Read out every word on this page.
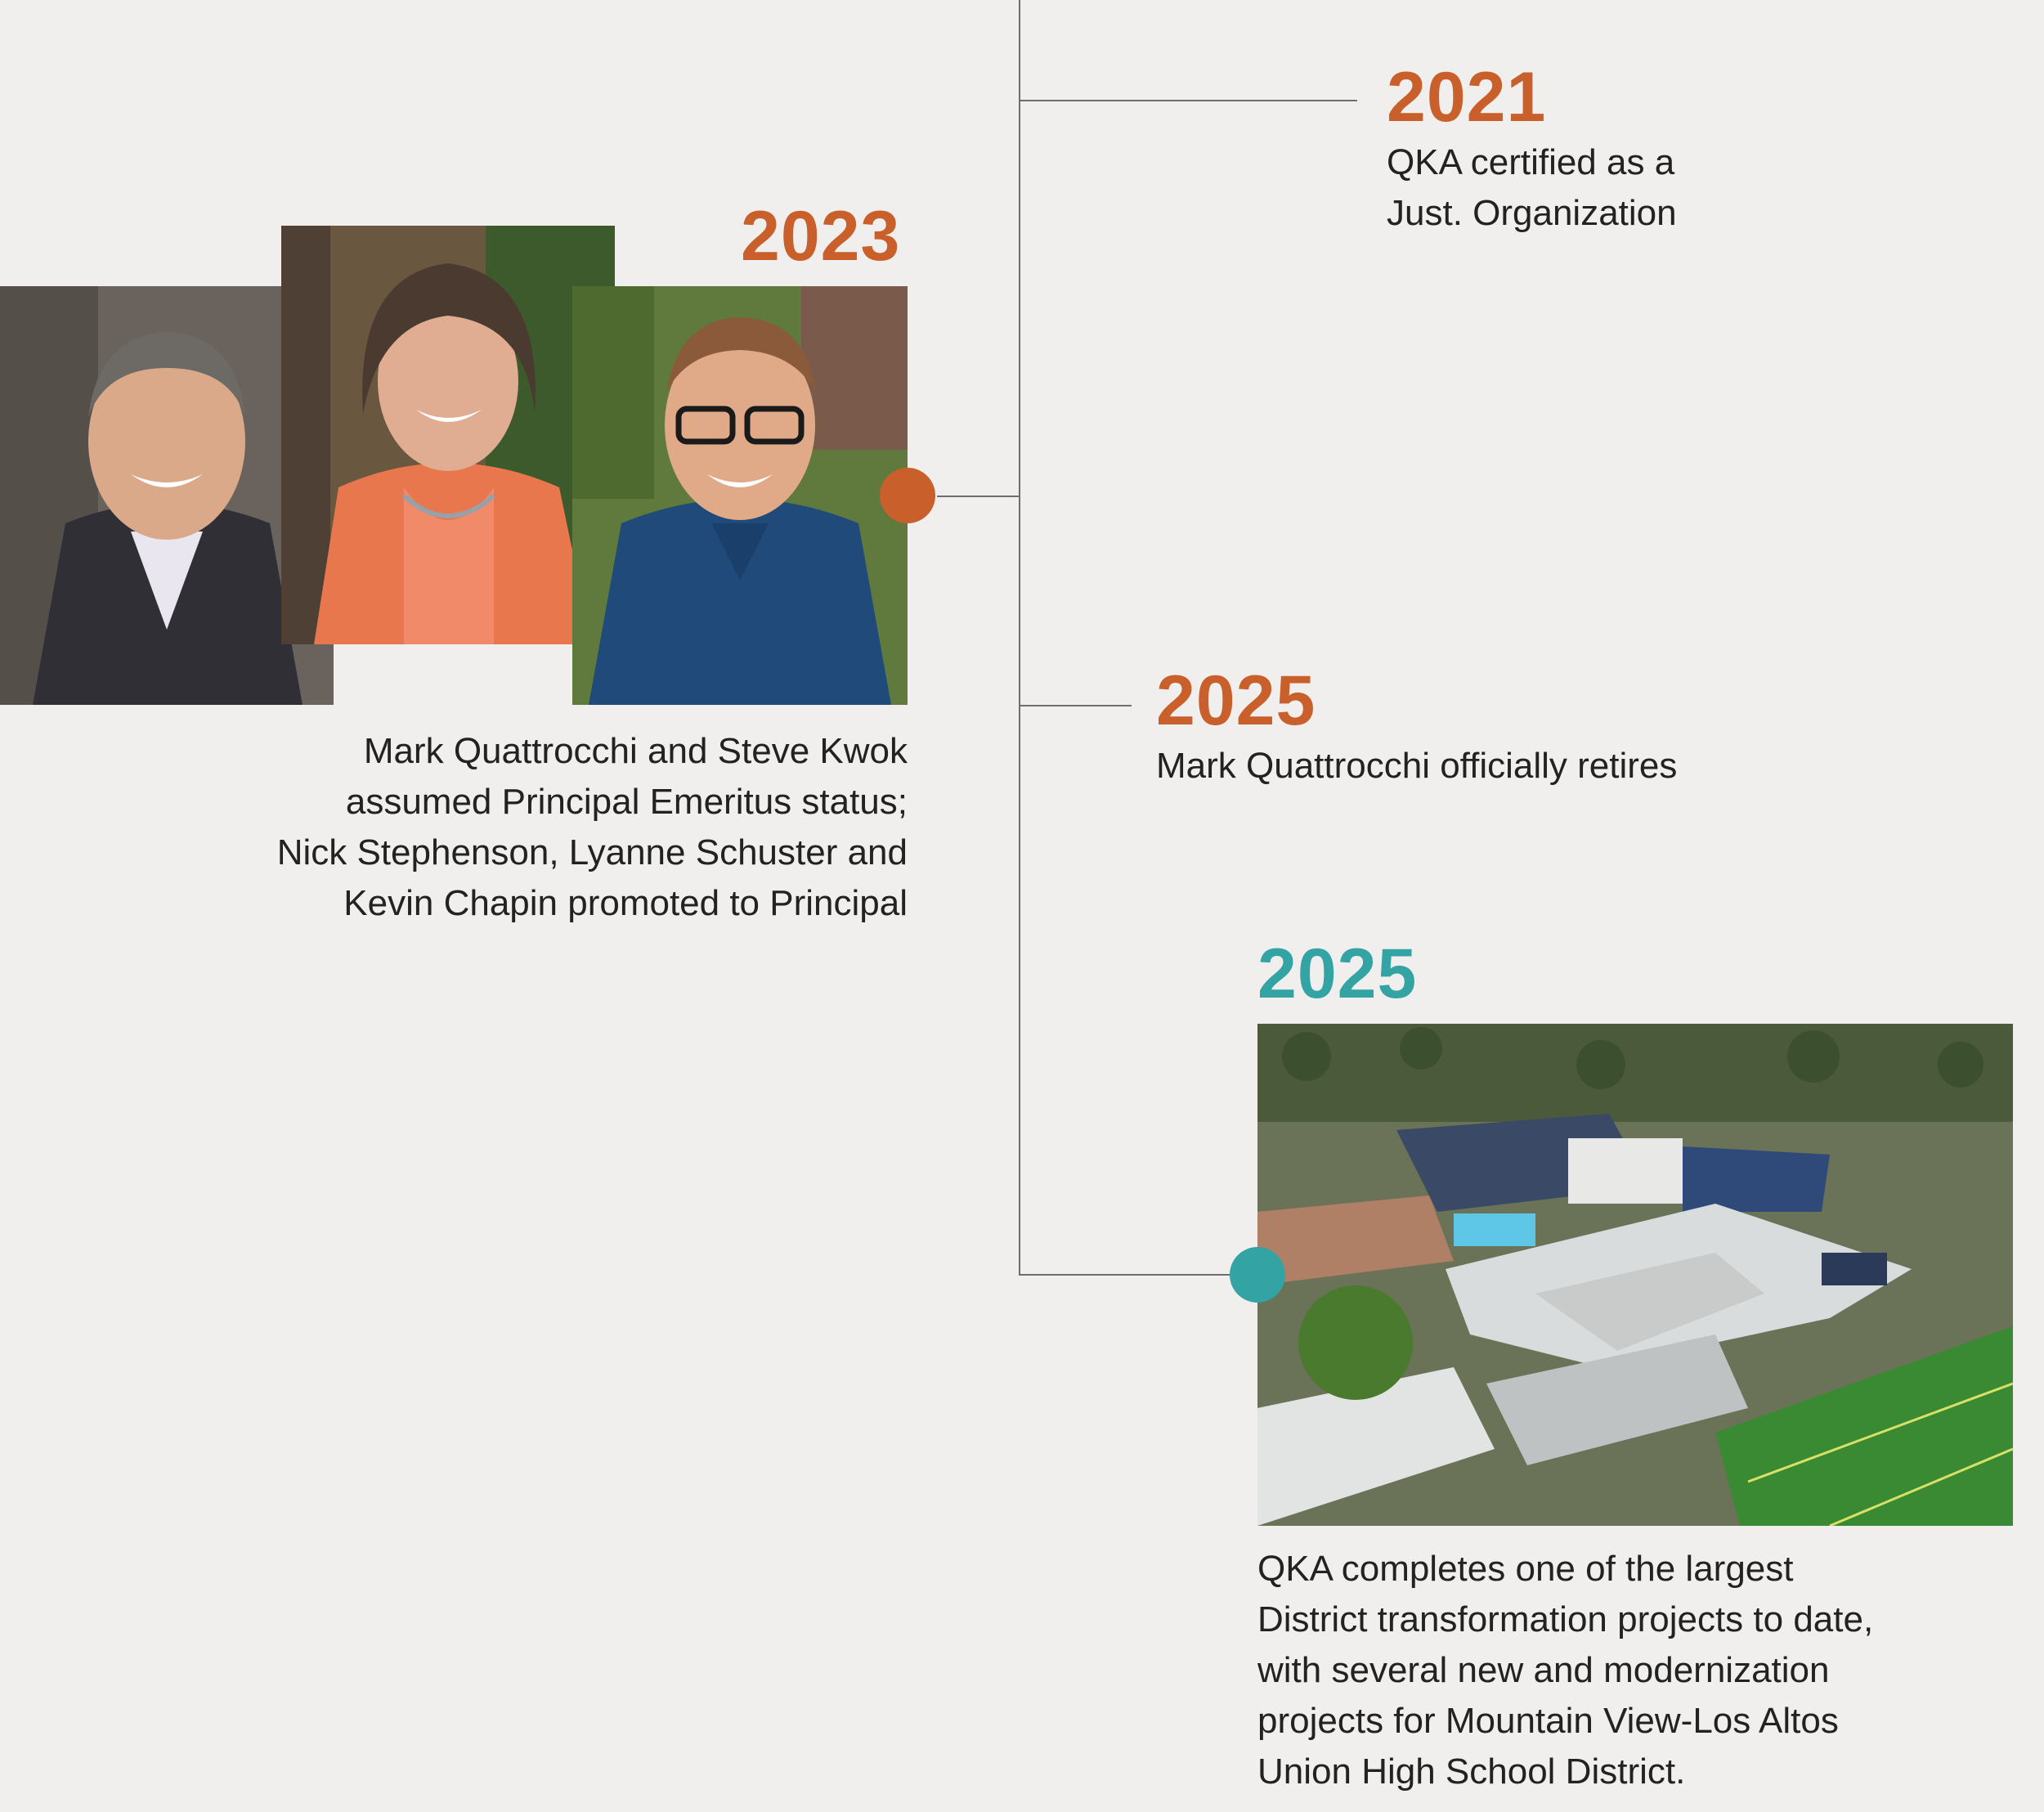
2021
QKA certified as a
Just. Organization
2023
Mark Quattrocchi and Steve Kwok
assumed Principal Emeritus status;
Nick Stephenson, Lyanne Schuster and
Kevin Chapin promoted to Principal
2025
Mark Quattrocchi officially retires
2025
QKA completes one of the largest
District transformation projects to date,
with several new and modernization
projects for Mountain View-Los Altos
Union High School District.
